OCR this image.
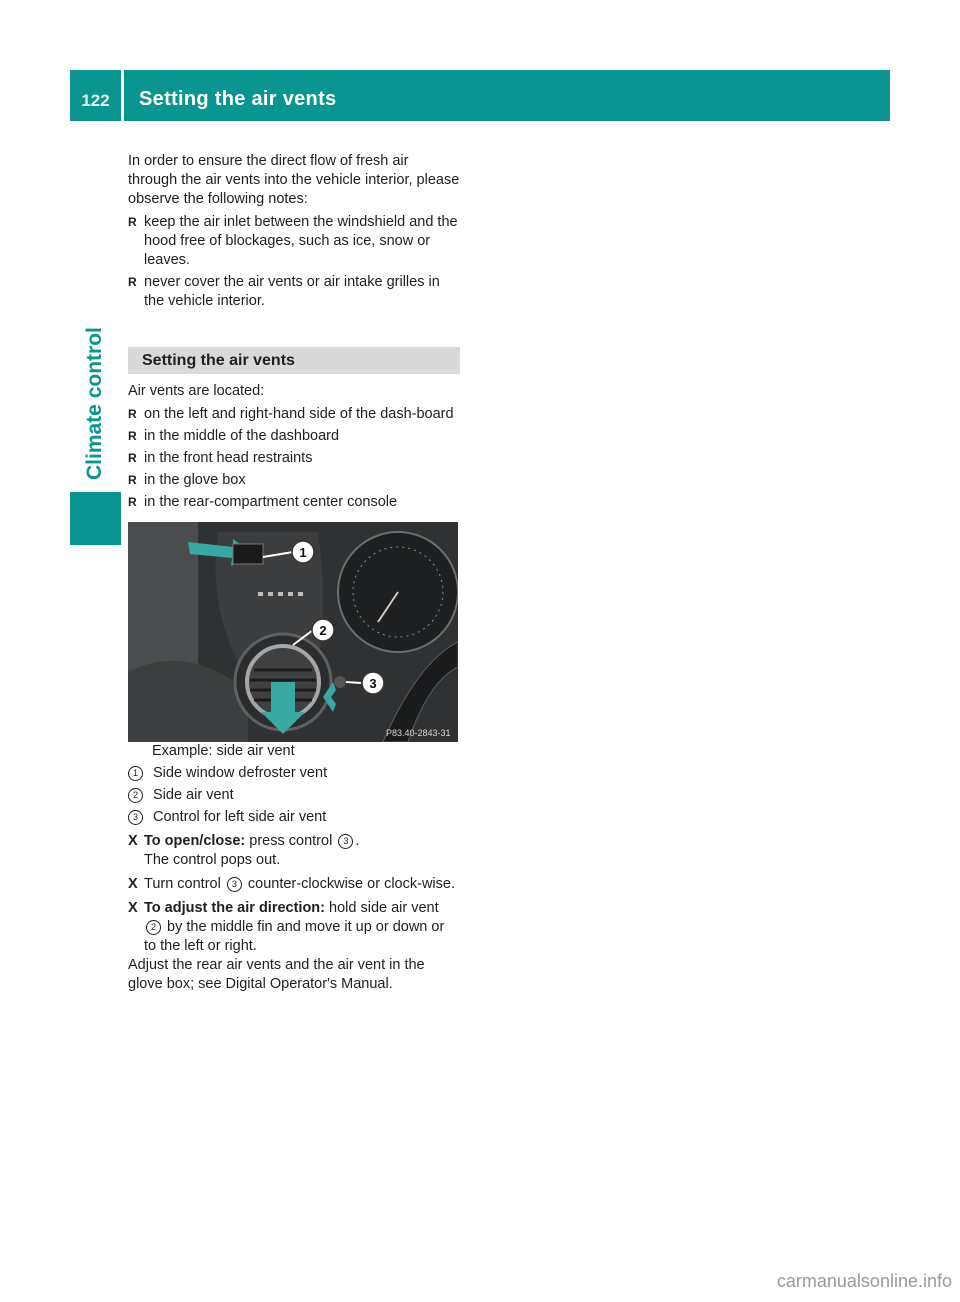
122	Setting the air vents
Climate control

In order to ensure the direct flow of fresh air through the air vents into the vehicle interior, please observe the following notes:

R keep the air inlet between the windshield and the hood free of blockages, such as ice, snow or leaves.
R never cover the air vents or air intake grilles in the vehicle interior.
Setting the air vents

Air vents are located:

R on the left and right-hand side of the dash-board
R in the middle of the dashboard
R in the front head restraints
R in the glove box
R in the rear-compartment center console
1
2
3
P83.40-2843-31

Example: side air vent

1	Side window defroster vent
2	Side air vent
3	Control for left side air vent
X To open/close: press control 3 .
The control pops out.
X Turn control 3 counter-clockwise or clock-wise.
X To adjust the air direction: hold side air vent 2 by the middle fin and move it up or down or to the left or right.

Adjust the rear air vents and the air vent in the glove box; see Digital Operator's Manual.

carmanualsonline.info
